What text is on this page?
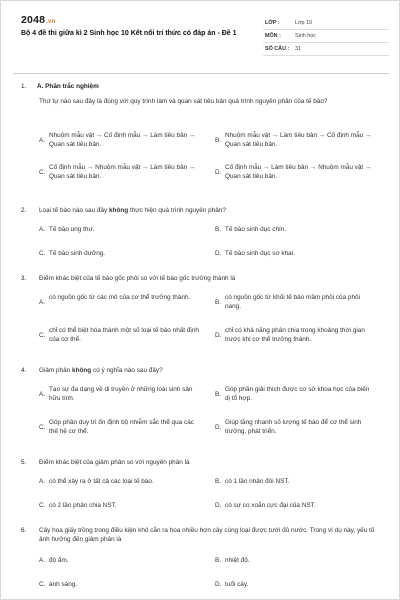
2048.vn
Bộ 4 đề thi giữa kì 2 Sinh học 10 Kết nối tri thức có đáp án - Đề 1
LỚP :	Lớp 10
MÔN :	Sinh học
SỐ CÂU : 31
1. A. Phần trắc nghiệm
Thứ tự nào sau đây là đúng với quy trình làm và quan sát tiêu bản quá trình nguyên phân của tế bào?
A.
Nhuộm mẫu vật → Cố định mẫu → Làm tiêu bản → Quan sát tiêu bản.
B.
Nhuộm mẫu vật → Làm tiêu bản → Cố định mẫu → Quan sát tiêu bản.
C.
Cố định mẫu → Nhuộm mẫu vật → Làm tiêu bản → Quan sát tiêu bản.
D.
Cố định mẫu → Làm tiêu bản → Nhuộm mẫu vật → Quan sát tiêu bản.
2. Loại tế bào nào sau đây không thực hiện quá trình nguyên phân?
A. Tế bào ung thư.	B. Tế bào sinh dục chín.
C. Tế bào sinh dưỡng.	D. Tế bào sinh dục sơ khai.
3. Điểm khác biệt của tế bào gốc phôi so với tế bào gốc trưởng thành là
A.
có nguồn gốc từ các mô của cơ thể trưởng thành.
B.
có nguồn gốc từ khối tế bào mầm phôi của phôi nang.
C.
chỉ có thể biệt hóa thành một số loại tế bào nhất định của cơ thể.
D.
chỉ có khả năng phân chia trong khoảng thời gian trước khi cơ thể trưởng thành.
4. Giảm phân không có ý nghĩa nào sau đây?
A.
Tạo sự đa dạng về di truyền ở những loài sinh sản hữu tính.
B.
Góp phần giải thích được cơ sở khoa học của biến dị tổ hợp.
C.
Góp phần duy trì ổn định bộ nhiễm sắc thể qua các thế hệ cơ thể.
D.
Giúp tăng nhanh số lượng tế bào để cơ thể sinh trưởng, phát triển.
5. Điểm khác biệt của giảm phân so với nguyên phân là
A. có thể xảy ra ở tất cả các loại tế bào.	B. có 1 lần nhân đôi NST.
C. có 2 lần phân chia NST.	D. có sự co xoắn cực đại của NST.
6. Cây hoa giấy trồng trong điều kiện khô cằn ra hoa nhiều hơn cây cùng loại được tưới đủ nước. Trong ví dụ này, yếu tố ảnh hưởng đến giảm phân là
A. độ ẩm.	B. nhiệt độ.
C. ánh sáng.	D. tuổi cây.
